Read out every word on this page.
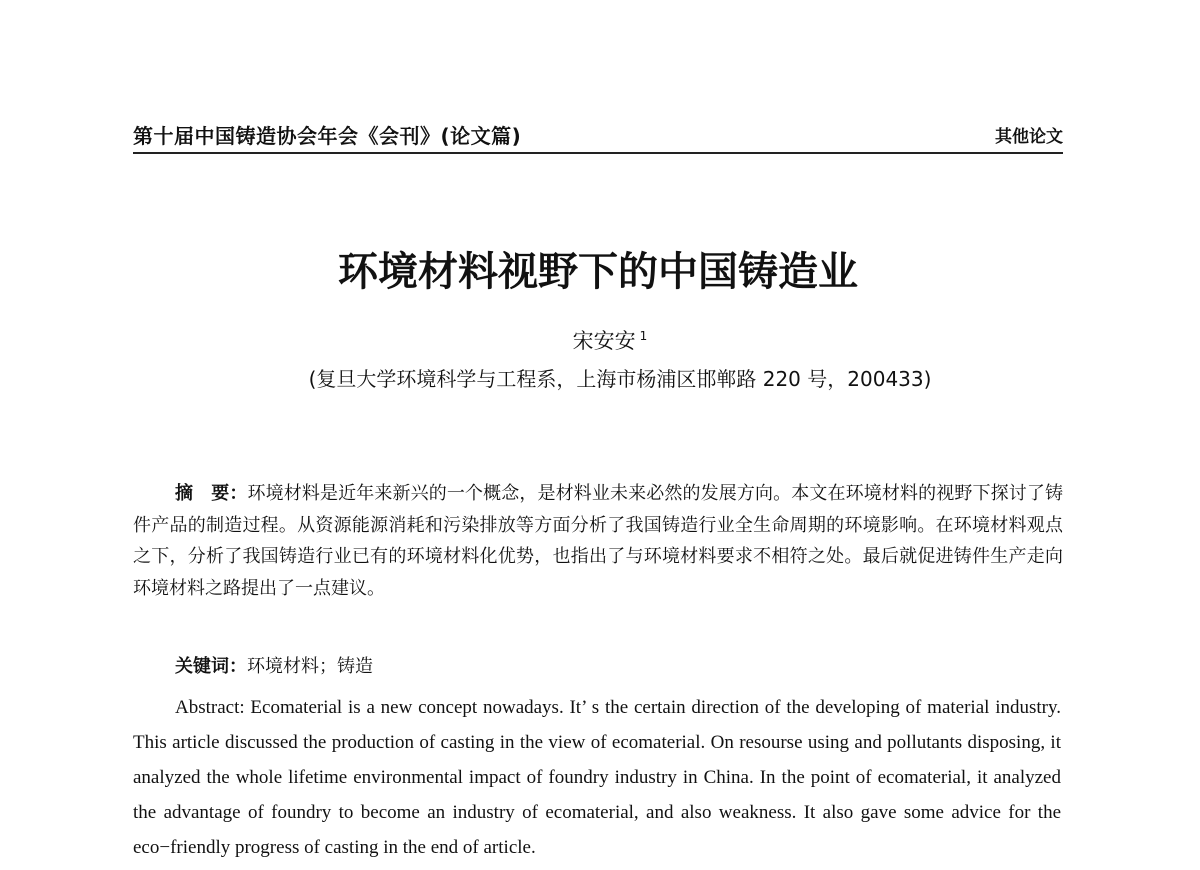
第十届中国铸造协会年会《会刊》(论文篇)	其他论文
环境材料视野下的中国铸造业
宋安安 $^1$
(复旦大学环境科学与工程系，上海市杨浦区邯郸路 220 号，200433)
摘　要：环境材料是近年来新兴的一个概念，是材料业未来必然的发展方向。本文在环境材料的视野下探讨了铸件产品的制造过程。从资源能源消耗和污染排放等方面分析了我国铸造行业全生命周期的环境影响。在环境材料观点之下，分析了我国铸造行业已有的环境材料化优势，也指出了与环境材料要求不相符之处。最后就促进铸件生产走向环境材料之路提出了一点建议。
关键词：环境材料；铸造
Abstract: Ecomaterial is a new concept nowadays. It’ s the certain direction of the developing of material industry. This article discussed the production of casting in the view of ecomaterial. On resourse using and pollutants disposing, it analyzed the whole lifetime environmental impact of foundry industry in China. In the point of ecomaterial, it analyzed the advantage of foundry to become an industry of ecomaterial, and also weakness. It also gave some advice for the eco−friendly progress of casting in the end of article.
